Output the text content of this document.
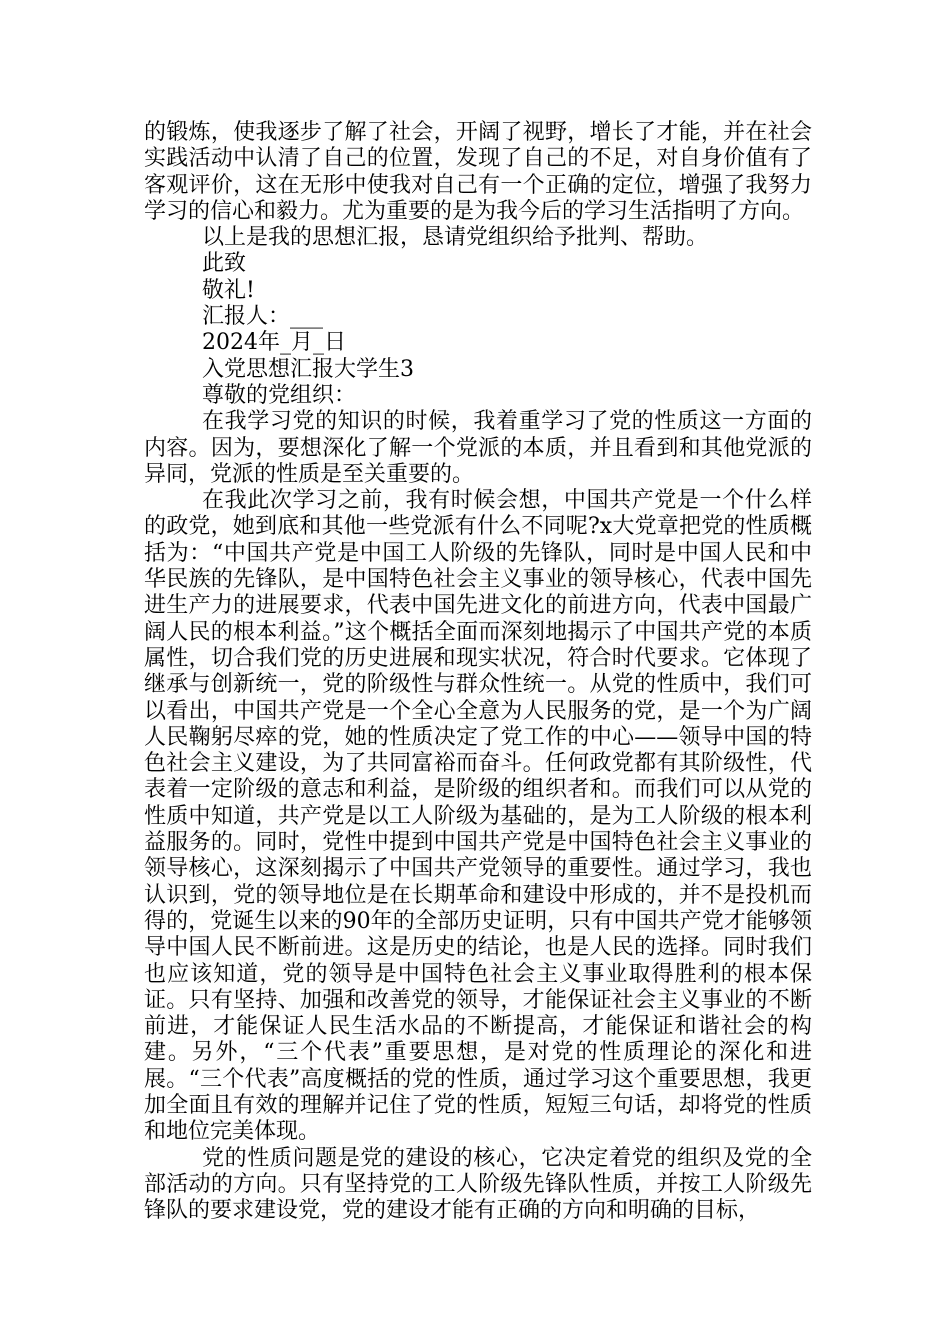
的锻炼，使我逐步了解了社会，开阔了视野，增长了才能，并在社会实践活动中认清了自己的位置，发现了自己的不足，对自身价值有了客观评价，这在无形中使我对自己有一个正确的定位，增强了我努力学习的信心和毅力。尤为重要的是为我今后的学习生活指明了方向。

以上是我的思想汇报，恳请党组织给予批判、帮助。

此致

敬礼!

汇报人：___

2024年_月_日

入党思想汇报大学生3

尊敬的党组织：

在我学习党的知识的时候，我着重学习了党的性质这一方面的内容。因为，要想深化了解一个党派的本质，并且看到和其他党派的异同，党派的性质是至关重要的。

在我此次学习之前，我有时候会想，中国共产党是一个什么样的政党，她到底和其他一些党派有什么不同呢?x大党章把党的性质概括为：“中国共产党是中国工人阶级的先锋队，同时是中国人民和中华民族的先锋队，是中国特色社会主义事业的领导核心，代表中国先进生产力的进展要求，代表中国先进文化的前进方向，代表中国最广阔人民的根本利益。”这个概括全面而深刻地揭示了中国共产党的本质属性，切合我们党的历史进展和现实状况，符合时代要求。它体现了继承与创新统一，党的阶级性与群众性统一。从党的性质中，我们可以看出，中国共产党是一个全心全意为人民服务的党，是一个为广阔人民鞠躬尽瘁的党，她的性质决定了党工作的中心——领导中国的特色社会主义建设，为了共同富裕而奋斗。任何政党都有其阶级性，代表着一定阶级的意志和利益，是阶级的组织者和。而我们可以从党的性质中知道，共产党是以工人阶级为基础的，是为工人阶级的根本利益服务的。同时，党性中提到中国共产党是中国特色社会主义事业的领导核心，这深刻揭示了中国共产党领导的重要性。通过学习，我也认识到，党的领导地位是在长期革命和建设中形成的，并不是投机而得的，党诞生以来的90年的全部历史证明，只有中国共产党才能够领导中国人民不断前进。这是历史的结论，也是人民的选择。同时我们也应该知道，党的领导是中国特色社会主义事业取得胜利的根本保证。只有坚持、加强和改善党的领导，才能保证社会主义事业的不断前进，才能保证人民生活水品的不断提高，才能保证和谐社会的构建。另外，“三个代表”重要思想，是对党的性质理论的深化和进展。“三个代表”高度概括的党的性质，通过学习这个重要思想，我更加全面且有效的理解并记住了党的性质，短短三句话，却将党的性质和地位完美体现。

党的性质问题是党的建设的核心，它决定着党的组织及党的全部活动的方向。只有坚持党的工人阶级先锋队性质，并按工人阶级先锋队的要求建设党，党的建设才能有正确的方向和明确的目标，
